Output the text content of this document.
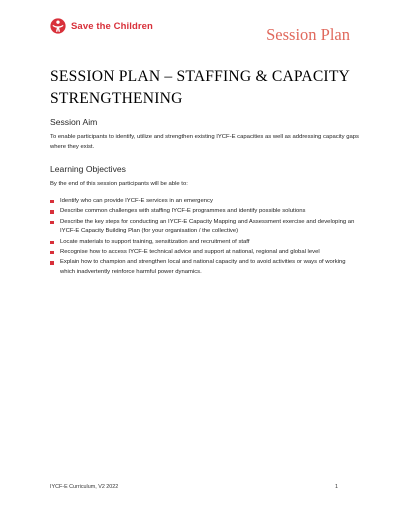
Save the Children	Session Plan
SESSION PLAN – STAFFING & CAPACITY STRENGTHENING
Session Aim

To enable participants to identify, utilize and strengthen existing IYCF-E capacities as well as addressing capacity gaps where they exist.

Learning Objectives

By the end of this session participants will be able to:

Identify who can provide IYCF-E services in an emergency
Describe common challenges with staffing IYCF-E programmes and identify possible solutions
Describe the key steps for conducting an IYCF-E Capacity Mapping and Assessment exercise and developing an IYCF-E Capacity Building Plan (for your organisation / the collective)
Locate materials to support training, sensitization and recruitment of staff
Recognise how to access IYCF-E technical advice and support at national, regional and global level
Explain how to champion and strengthen local and national capacity and to avoid activities or ways of working which inadvertently reinforce harmful power dynamics.
IYCF-E Curriculum, V2 2022	1
